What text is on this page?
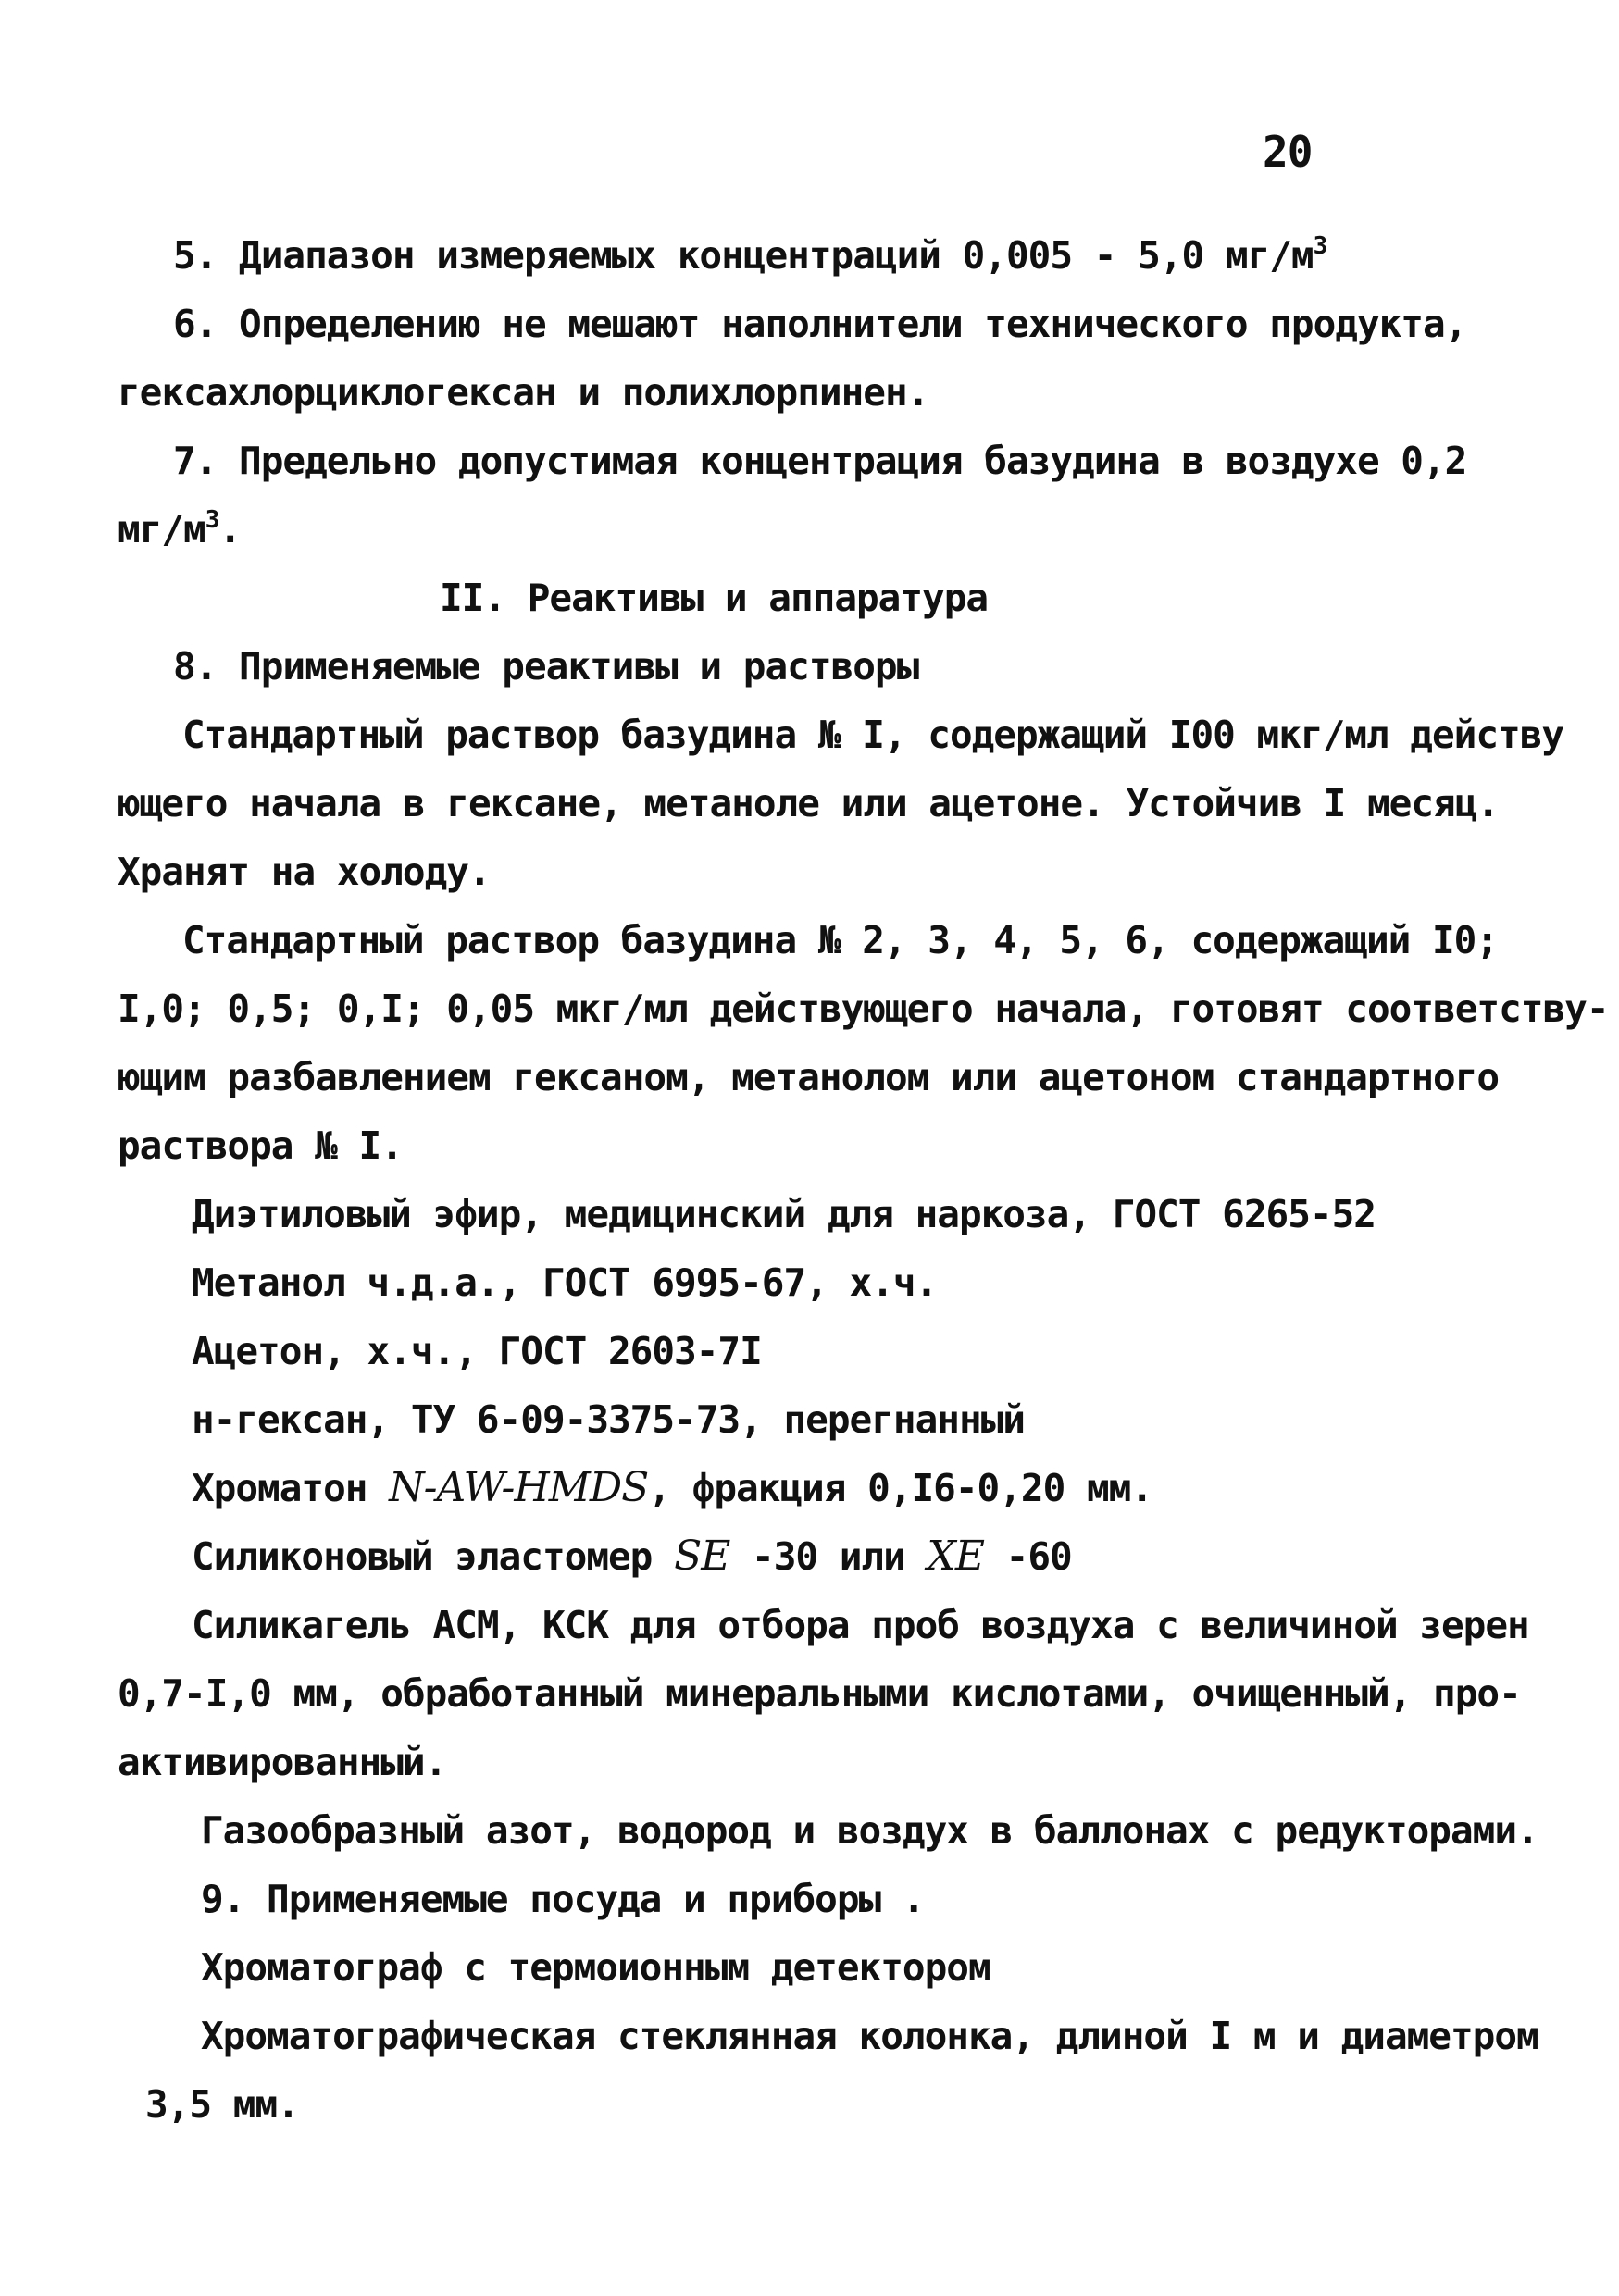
20
5. Диапазон измеряемых концентраций 0,005 - 5,0 $мг/м^3$
6. Определению не мешают наполнители технического продукта,
гексахлорциклогексан и полихлорпинен.
7. Предельно допустимая концентрация базудина в воздухе 0,2
$мг/м^3$.
II. Реактивы и аппаратура
8. Применяемые реактивы и растворы
Стандартный раствор базудина № I, содержащий I00 мкг/мл действу
ющего начала в гексане, метаноле или ацетоне. Устойчив I месяц.
Хранят на холоду.
Стандартный раствор базудина № 2, 3, 4, 5, 6, содержащий I0;
I,0; 0,5; 0,I; 0,05 мкг/мл действующего начала, готовят соответству-
ющим разбавлением гексаном, метанолом или ацетоном стандартного
раствора № I.
Диэтиловый эфир, медицинский для наркоза, ГОСТ 6265-52
Метанол ч.д.а., ГОСТ 6995-67, х.ч.
Ацетон, х.ч., ГОСТ 2603-7I
н-гексан, ТУ 6-09-3375-73, перегнанный
Хроматон N-AW-HMDS, фракция 0,I6-0,20 мм.
Силиконовый эластомер SE -30 или XE -60
Силикагель АСМ, КСК для отбора проб воздуха с величиной зерен
0,7-I,0 мм, обработанный минеральными кислотами, очищенный, про-
активированный.
Газообразный азот, водород и воздух в баллонах с редукторами.
9. Применяемые посуда и приборы .
Хроматограф с термоионным детектором
Хроматографическая стеклянная колонка, длиной I м и диаметром
3,5 мм.
